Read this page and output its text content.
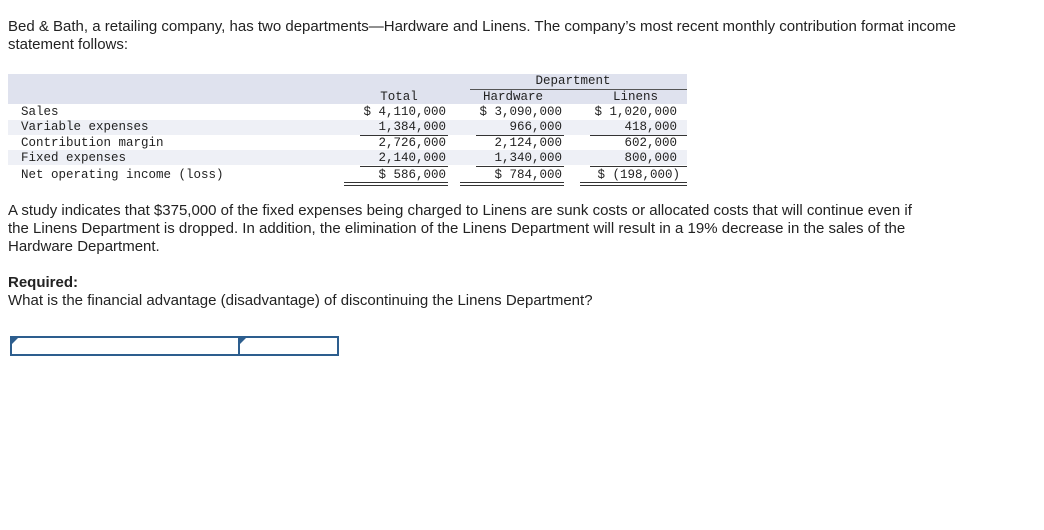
Bed & Bath, a retailing company, has two departments—Hardware and Linens. The company’s most recent monthly contribution format income statement follows:

Department
Total	Hardware	Linens
Sales	$ 4,110,000	$ 3,090,000	$ 1,020,000
Variable expenses	1,384,000	966,000	418,000
Contribution margin	2,726,000	2,124,000	602,000
Fixed expenses	2,140,000	1,340,000	800,000
Net operating income (loss)	$ 586,000	$ 784,000	$ (198,000)

A study indicates that $375,000 of the fixed expenses being charged to Linens are sunk costs or allocated costs that will continue even if the Linens Department is dropped. In addition, the elimination of the Linens Department will result in a 19% decrease in the sales of the Hardware Department.

Required:

What is the financial advantage (disadvantage) of discontinuing the Linens Department?
